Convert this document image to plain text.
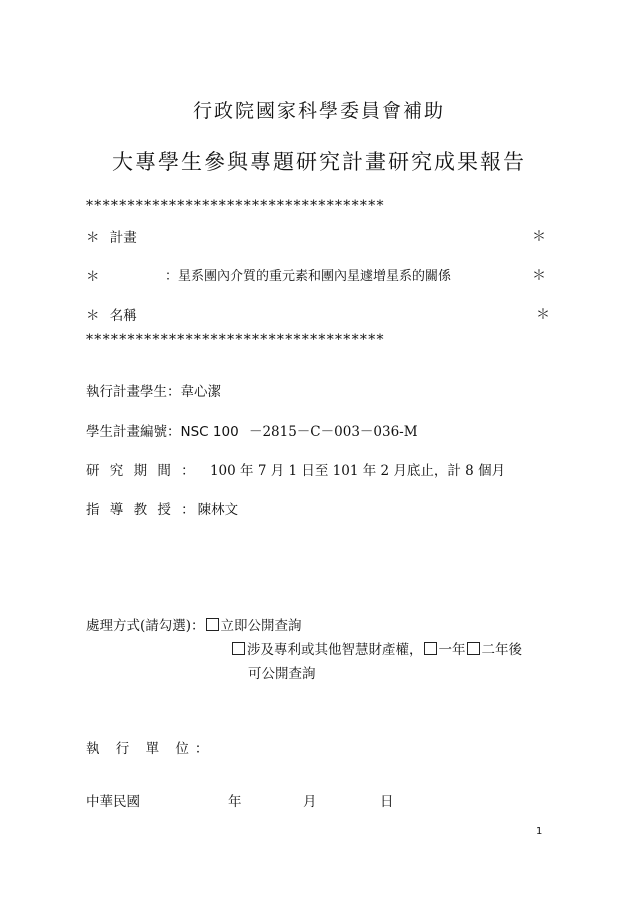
行政院國家科學委員會補助
大專學生參與專題研究計畫研究成果報告
************************************
＊ 計畫	＊
＊	：星系團內介質的重元素和團內星遽增星系的關係	＊
＊ 名稱	＊
************************************
執行計畫學生：韋心潔
學生計畫編號：NSC 100 －2815－C－003－036-M
研 究 期 間 ： 100 年 7 月 1 日至 101 年 2 月底止，計 8 個月
指 導 教 授 ：陳林文
處理方式(請勾選)： 立即公開查詢
涉及專利或其他智慧財產權， 一年 二年後
可公開查詢
執 行 單 位：
中華民國	年	月	日
1
